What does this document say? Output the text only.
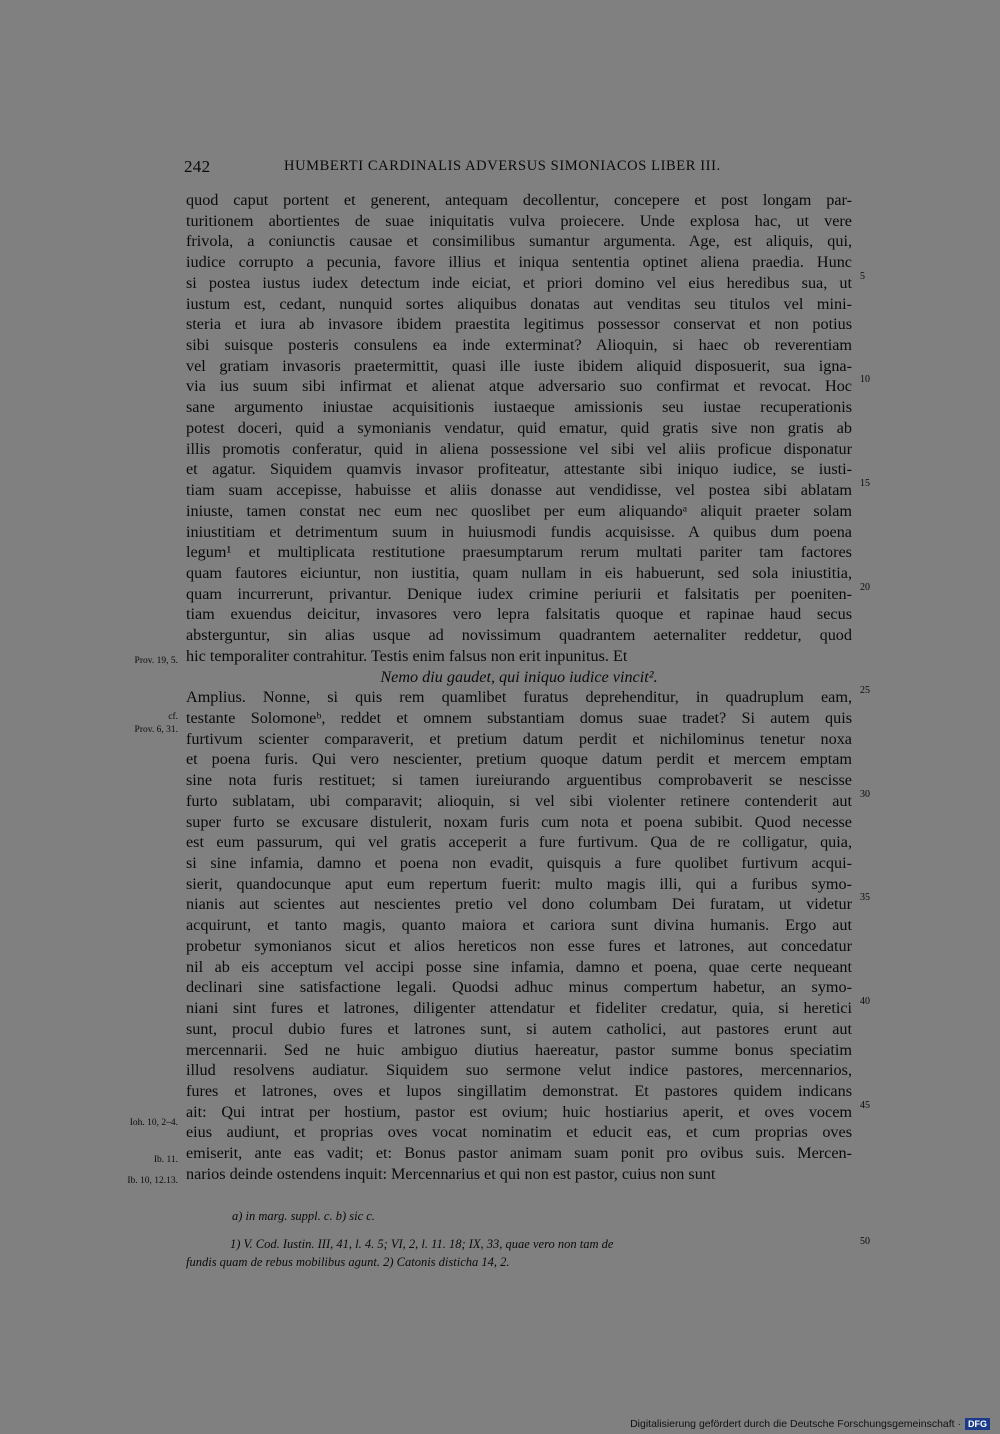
242	HUMBERTI CARDINALIS ADVERSUS SIMONIACOS LIBER III.
quod caput portent et generent, antequam decollentur, concepere et post longam par-
turitionem abortientes de suae iniquitatis vulva proiecere. Unde explosa hac, ut vere
frivola, a coniunctis causae et consimilibus sumantur argumenta. Age, est aliquis, qui,
iudice corrupto a pecunia, favore illius et iniqua sententia optinet aliena praedia. Hunc
si postea iustus iudex detectum inde eiciat, et priori domino vel eius heredibus sua, ut
iustum est, cedant, nunquid sortes aliquibus donatas aut venditas seu titulos vel mini-
steria et iura ab invasore ibidem praestita legitimus possessor conservat et non potius
sibi suisque posteris consulens ea inde exterminat? Alioquin, si haec ob reverentiam
vel gratiam invasoris praetermittit, quasi ille iuste ibidem aliquid disposuerit, sua igna-
via ius suum sibi infirmat et alienat atque adversario suo confirmat et revocat. Hoc
sane argumento iniustae acquisitionis iustaeque amissionis seu iustae recuperationis
potest doceri, quid a symonianis vendatur, quid ematur, quid gratis sive non gratis ab
illis promotis conferatur, quid in aliena possessione vel sibi vel aliis proficue disponatur
et agatur. Siquidem quamvis invasor profiteatur, attestante sibi iniquo iudice, se iusti-
tiam suam accepisse, habuisse et aliis donasse aut vendidisse, vel postea sibi ablatam
iniuste, tamen constat nec eum nec quoslibet per eum aliquandoᵃ aliquit praeter solam
iniustitiam et detrimentum suum in huiusmodi fundis acquisisse. A quibus dum poena
legum¹ et multiplicata restitutione praesumptarum rerum multati pariter tam factores
quam fautores eiciuntur, non iustitia, quam nullam in eis habuerunt, sed sola iniustitia,
quam incurrerunt, privantur. Denique iudex crimine periurii et falsitatis per poeniten-
tiam exuendus deicitur, invasores vero lepra falsitatis quoque et rapinae haud secus
absterguntur, sin alias usque ad novissimum quadrantem aeternaliter reddetur, quod
hic temporaliter contrahitur. Testis enim falsus non erit inpunitus. Et
Nemo diu gaudet, qui iniquo iudice vincit².
Amplius. Nonne, si quis rem quamlibet furatus deprehenditur, in quadruplum eam,
testante Solomoneᵇ, reddet et omnem substantiam domus suae tradet? Si autem quis
furtivum scienter comparaverit, et pretium datum perdit et nichilominus tenetur noxa
et poena furis. Qui vero nescienter, pretium quoque datum perdit et mercem emptam
sine nota furis restituet; si tamen iureiurando arguentibus comprobaverit se nescisse
furto sublatam, ubi comparavit; alioquin, si vel sibi violenter retinere contenderit aut
super furto se excusare distulerit, noxam furis cum nota et poena subibit. Quod necesse
est eum passurum, qui vel gratis acceperit a fure furtivum. Qua de re colligatur, quia,
si sine infamia, damno et poena non evadit, quisquis a fure quolibet furtivum acqui-
sierit, quandocunque aput eum repertum fuerit: multo magis illi, qui a furibus symo-
nianis aut scientes aut nescientes pretio vel dono columbam Dei furatam, ut videtur
acquirunt, et tanto magis, quanto maiora et cariora sunt divina humanis. Ergo aut
probetur symonianos sicut et alios hereticos non esse fures et latrones, aut concedatur
nil ab eis acceptum vel accipi posse sine infamia, damno et poena, quae certe nequeant
declinari sine satisfactione legali. Quodsi adhuc minus compertum habetur, an symo-
niani sint fures et latrones, diligenter attendatur et fideliter credatur, quia, si heretici
sunt, procul dubio fures et latrones sunt, si autem catholici, aut pastores erunt aut
mercennarii. Sed ne huic ambiguo diutius haereatur, pastor summe bonus speciatim
illud resolvens audiatur. Siquidem suo sermone velut indice pastores, mercennarios,
fures et latrones, oves et lupos singillatim demonstrat. Et pastores quidem indicans
ait: Qui intrat per hostium, pastor est ovium; huic hostiarius aperit, et oves vocem
eius audiunt, et proprias oves vocat nominatim et educit eas, et cum proprias oves
emiserit, ante eas vadit; et: Bonus pastor animam suam ponit pro ovibus suis. Mercen-
narios deinde ostendens inquit: Mercennarius et qui non est pastor, cuius non sunt
5
10
15
20
25
30
35
40
45
50
Prov. 19, 5.
cf.
Prov. 6, 31.
Ioh. 10, 2–4.
Ib. 11.
Ib. 10, 12.13.
a) in marg. suppl. c. b) sic c.
1) V. Cod. Iustin. III, 41, l. 4. 5; VI, 2, l. 11. 18; IX, 33, quae vero non tam de
fundis quam de rebus mobilibus agunt. 2) Catonis disticha 14, 2.
Digitalisierung gefördert durch die Deutsche Forschungsgemeinschaft · DFG
